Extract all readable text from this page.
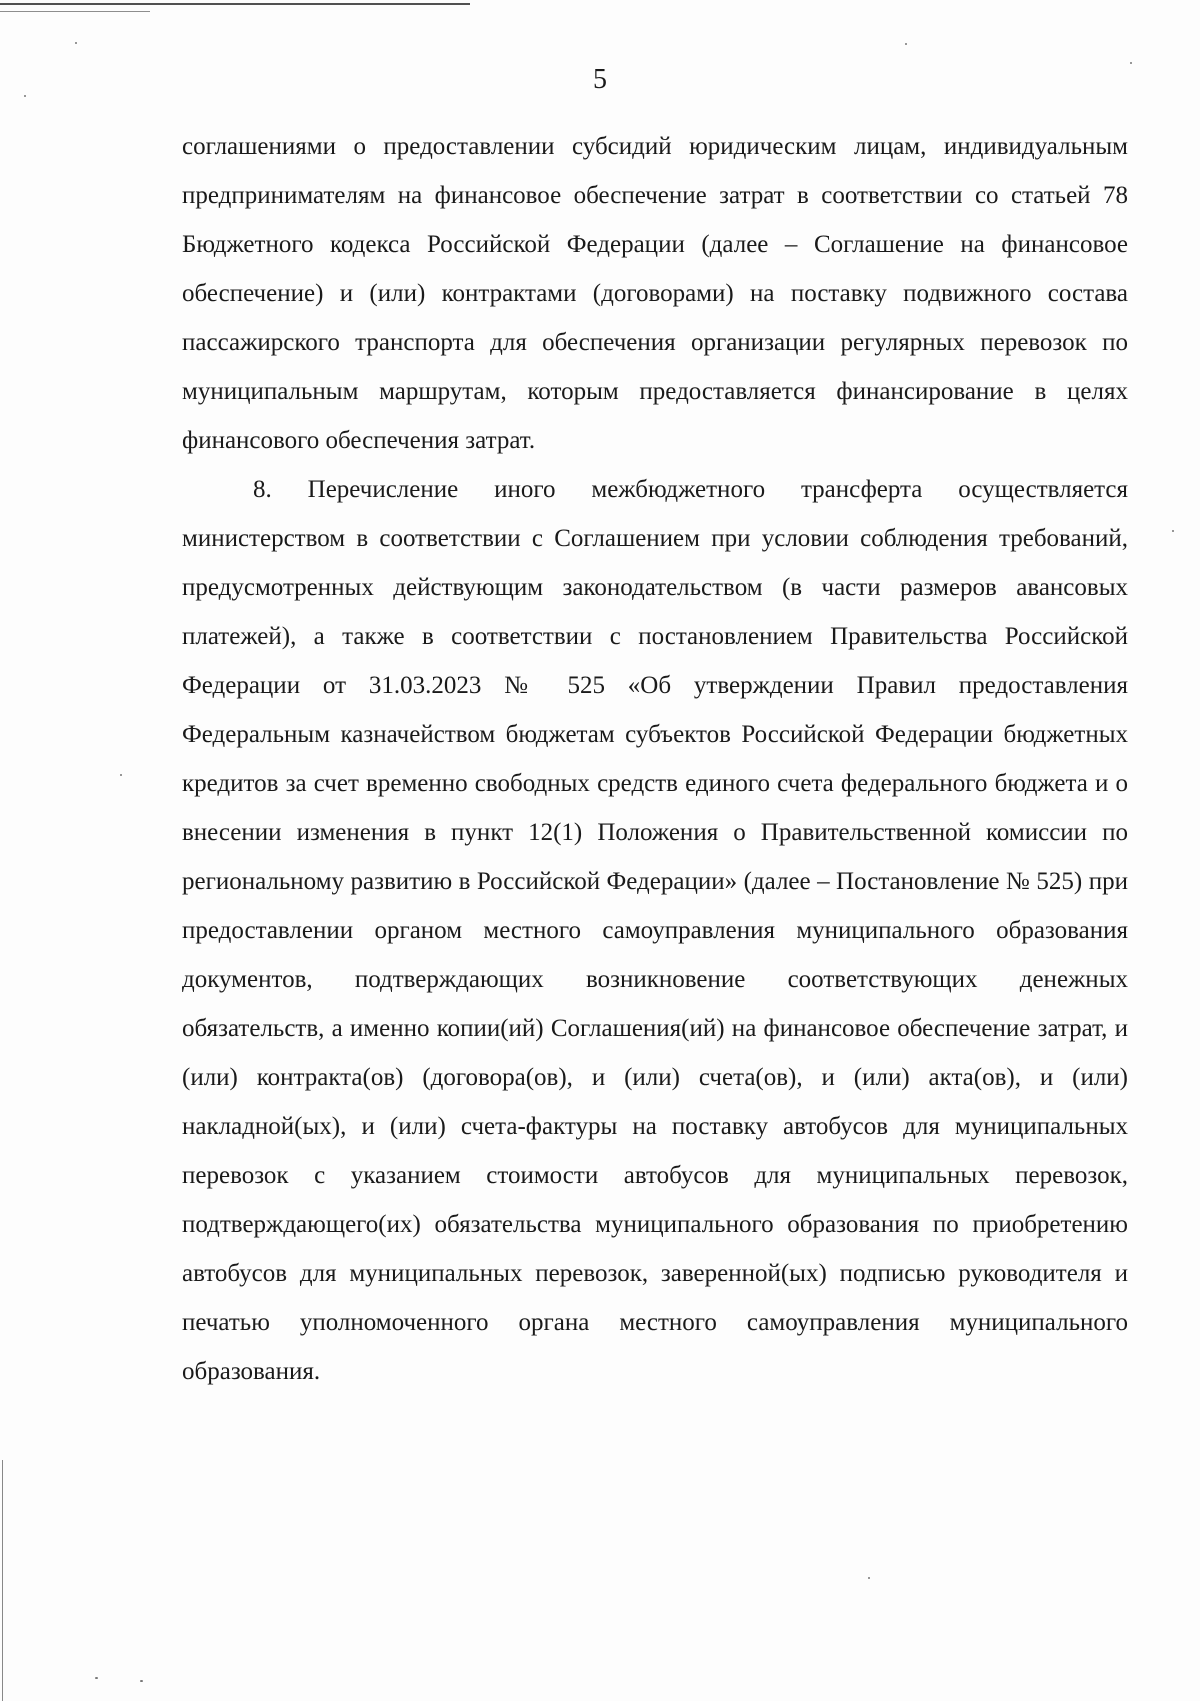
5

соглашениями о предоставлении субсидий юридическим лицам, индивидуальным предпринимателям на финансовое обеспечение затрат в соответствии со статьей 78 Бюджетного кодекса Российской Федерации (далее – Соглашение на финансовое обеспечение) и (или) контрактами (договорами) на поставку подвижного состава пассажирского транспорта для обеспечения организации регулярных перевозок по муниципальным маршрутам, которым предоставляется финансирование в целях финансового обеспечения затрат.

8. Перечисление иного межбюджетного трансферта осуществляется министерством в соответствии с Соглашением при условии соблюдения требований, предусмотренных действующим законодательством (в части размеров авансовых платежей), а также в соответствии с постановлением Правительства Российской Федерации от 31.03.2023 № 525 «Об утверждении Правил предоставления Федеральным казначейством бюджетам субъектов Российской Федерации бюджетных кредитов за счет временно свободных средств единого счета федерального бюджета и о внесении изменения в пункт 12(1) Положения о Правительственной комиссии по региональному развитию в Российской Федерации» (далее – Постановление № 525) при предоставлении органом местного самоуправления муниципального образования документов, подтверждающих возникновение соответствующих денежных обязательств, а именно копии(ий) Соглашения(ий) на финансовое обеспечение затрат, и (или) контракта(ов) (договора(ов), и (или) счета(ов), и (или) акта(ов), и (или) накладной(ых), и (или) счета-фактуры на поставку автобусов для муниципальных перевозок с указанием стоимости автобусов для муниципальных перевозок, подтверждающего(их) обязательства муниципального образования по приобретению автобусов для муниципальных перевозок, заверенной(ых) подписью руководителя и печатью уполномоченного органа местного самоуправления муниципального образования.
